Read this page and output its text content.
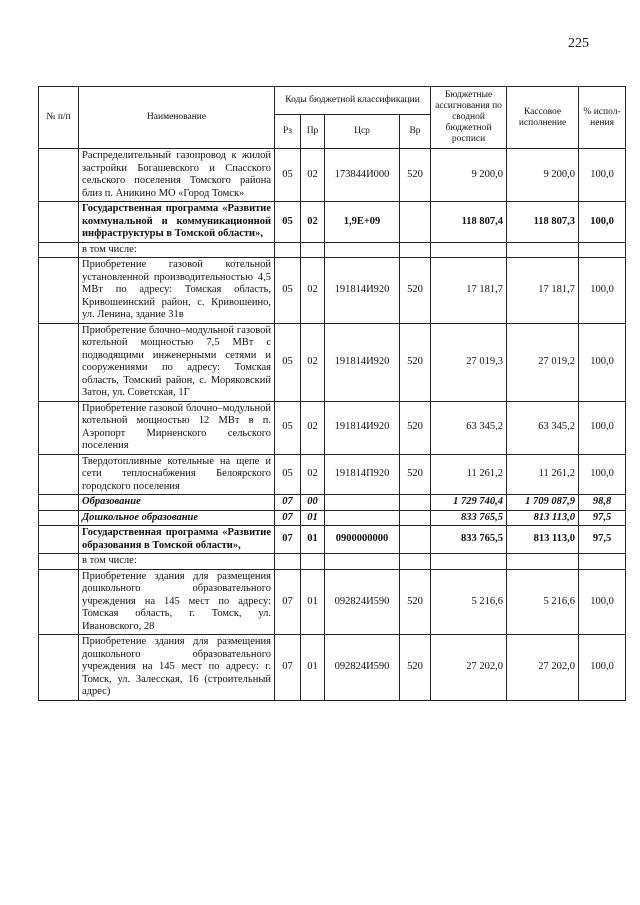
225
№ п/п	Наименование	Коды бюджетной классификации				Бюджетные ассигнования по сводной бюджетной росписи	Кассовое исполнение	% испол-нения
		Рз	Пр	Цср	Вр			
	Распределительный газопровод к жилой застройки Богашевского и Спасского сельского поселения Томского района близ п. Аникино МО «Город Томск»	05	02	173844И000	520	9 200,0	9 200,0	100,0
	Государственная программа «Развитие коммунальной и коммуникационной инфраструктуры в Томской области»,	05	02	1,9E+09		118 807,4	118 807,3	100,0
	в том числе:							
	Приобретение газовой котельной установленной производительностью 4,5 МВт по адресу: Томская область, Кривошеинский район, с. Кривошеино, ул. Ленина, здание 31в	05	02	191814И920	520	17 181,7	17 181,7	100,0
	Приобретение блочно–модульной газовой котельной мощностью 7,5 МВт с подводящими инженерными сетями и сооружениями по адресу: Томская область, Томский район, с. Моряковский Затон, ул. Советская, 1Г	05	02	191814И920	520	27 019,3	27 019,2	100,0
	Приобретение газовой блочно–модульной котельной мощностью 12 МВт в п. Аэропорт Мирненского сельского поселения	05	02	191814И920	520	63 345,2	63 345,2	100,0
	Твердотопливные котельные на щепе и сети теплоснабжения Белоярского городского поселения	05	02	191814П920	520	11 261,2	11 261,2	100,0
	Образование	07	00			1 729 740,4	1 709 087,9	98,8
	Дошкольное образование	07	01			833 765,5	813 113,0	97,5
	Государственная программа «Развитие образования в Томской области»,	07	01	0900000000		833 765,5	813 113,0	97,5
	в том числе:							
	Приобретение здания для размещения дошкольного образовательного учреждения на 145 мест по адресу: Томская область, г. Томск, ул. Ивановского, 28	07	01	092824И590	520	5 216,6	5 216,6	100,0
	Приобретение здания для размещения дошкольного образовательного учреждения на 145 мест по адресу: г. Томск, ул. Залесская, 16 (строительный адрес)	07	01	092824И590	520	27 202,0	27 202,0	100,0
